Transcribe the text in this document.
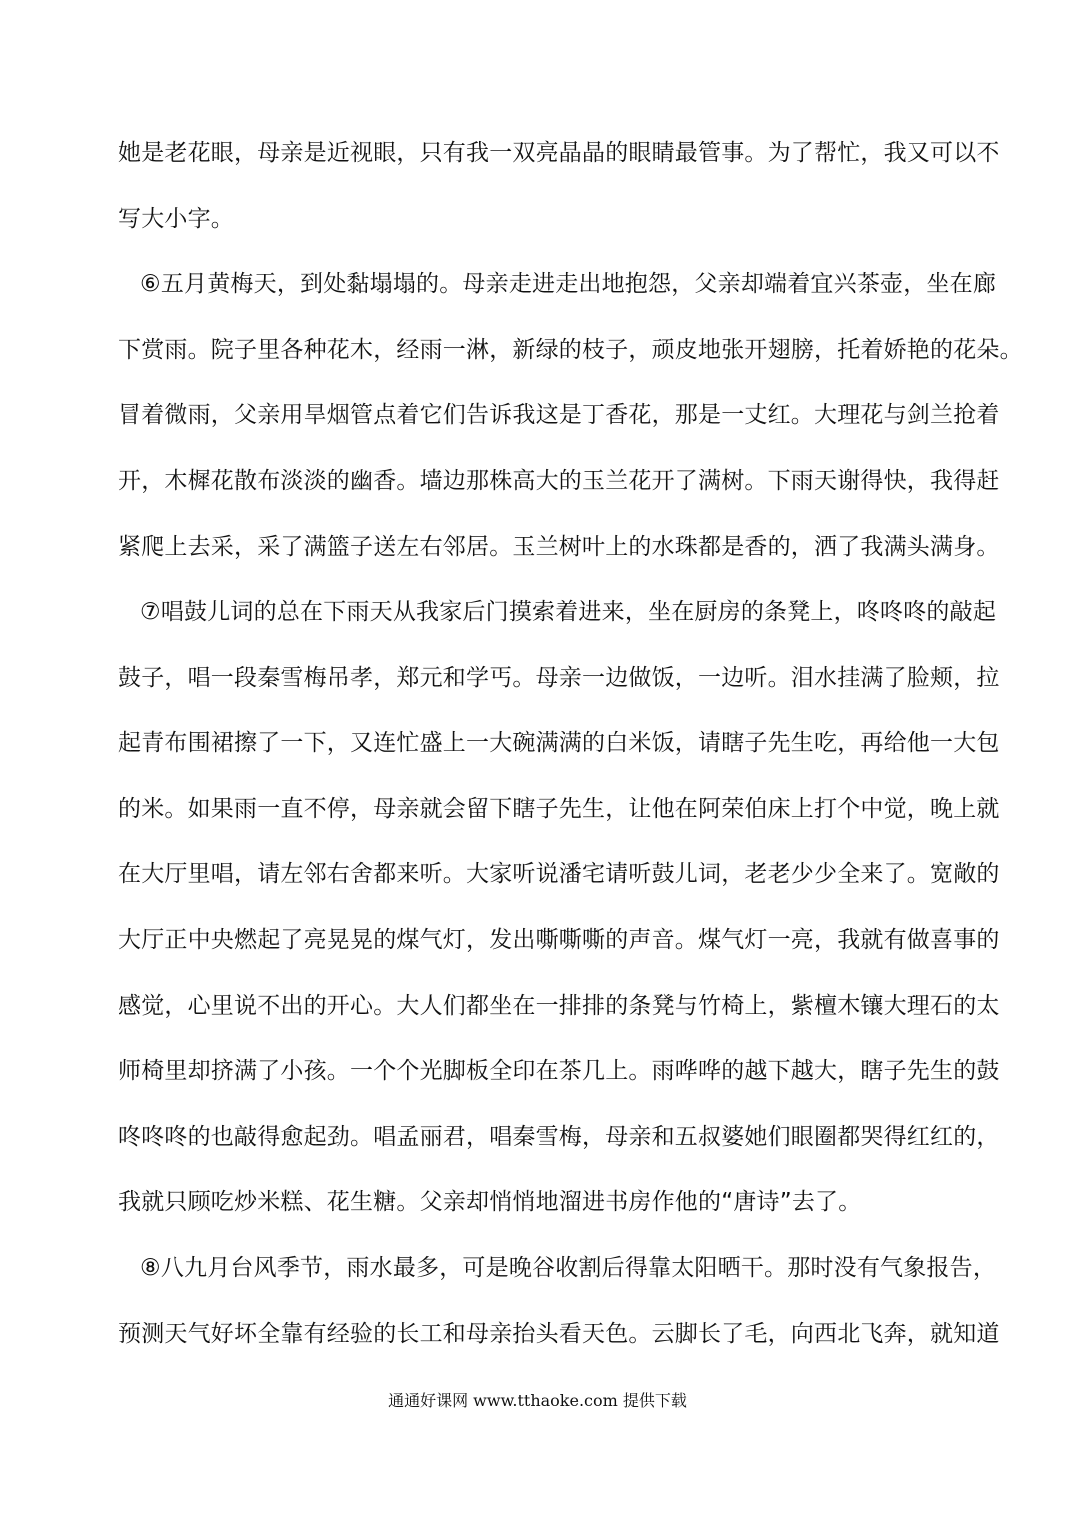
她是老花眼，母亲是近视眼，只有我一双亮晶晶的眼睛最管事。为了帮忙，我又可以不
写大小字。
⑥五月黄梅天，到处黏塌塌的。母亲走进走出地抱怨，父亲却端着宜兴茶壶，坐在廊
下赏雨。院子里各种花木，经雨一淋，新绿的枝子，顽皮地张开翅膀，托着娇艳的花朵。
冒着微雨，父亲用旱烟管点着它们告诉我这是丁香花，那是一丈红。大理花与剑兰抢着
开，木樨花散布淡淡的幽香。墙边那株高大的玉兰花开了满树。下雨天谢得快，我得赶
紧爬上去采，采了满篮子送左右邻居。玉兰树叶上的水珠都是香的，洒了我满头满身。
⑦唱鼓儿词的总在下雨天从我家后门摸索着进来，坐在厨房的条凳上，咚咚咚的敲起
鼓子，唱一段秦雪梅吊孝，郑元和学丐。母亲一边做饭，一边听。泪水挂满了脸颊，拉
起青布围裙擦了一下，又连忙盛上一大碗满满的白米饭，请瞎子先生吃，再给他一大包
的米。如果雨一直不停，母亲就会留下瞎子先生，让他在阿荣伯床上打个中觉，晚上就
在大厅里唱，请左邻右舍都来听。大家听说潘宅请听鼓儿词，老老少少全来了。宽敞的
大厅正中央燃起了亮晃晃的煤气灯，发出嘶嘶嘶的声音。煤气灯一亮，我就有做喜事的
感觉，心里说不出的开心。大人们都坐在一排排的条凳与竹椅上，紫檀木镶大理石的太
师椅里却挤满了小孩。一个个光脚板全印在茶几上。雨哗哗的越下越大，瞎子先生的鼓
咚咚咚的也敲得愈起劲。唱孟丽君，唱秦雪梅，母亲和五叔婆她们眼圈都哭得红红的，
我就只顾吃炒米糕、花生糖。父亲却悄悄地溜进书房作他的“唐诗”去了。
⑧八九月台风季节，雨水最多，可是晚谷收割后得靠太阳晒干。那时没有气象报告，
预测天气好坏全靠有经验的长工和母亲抬头看天色。云脚长了毛，向西北飞奔，就知道
通通好课网 www.tthaoke.com 提供下载
